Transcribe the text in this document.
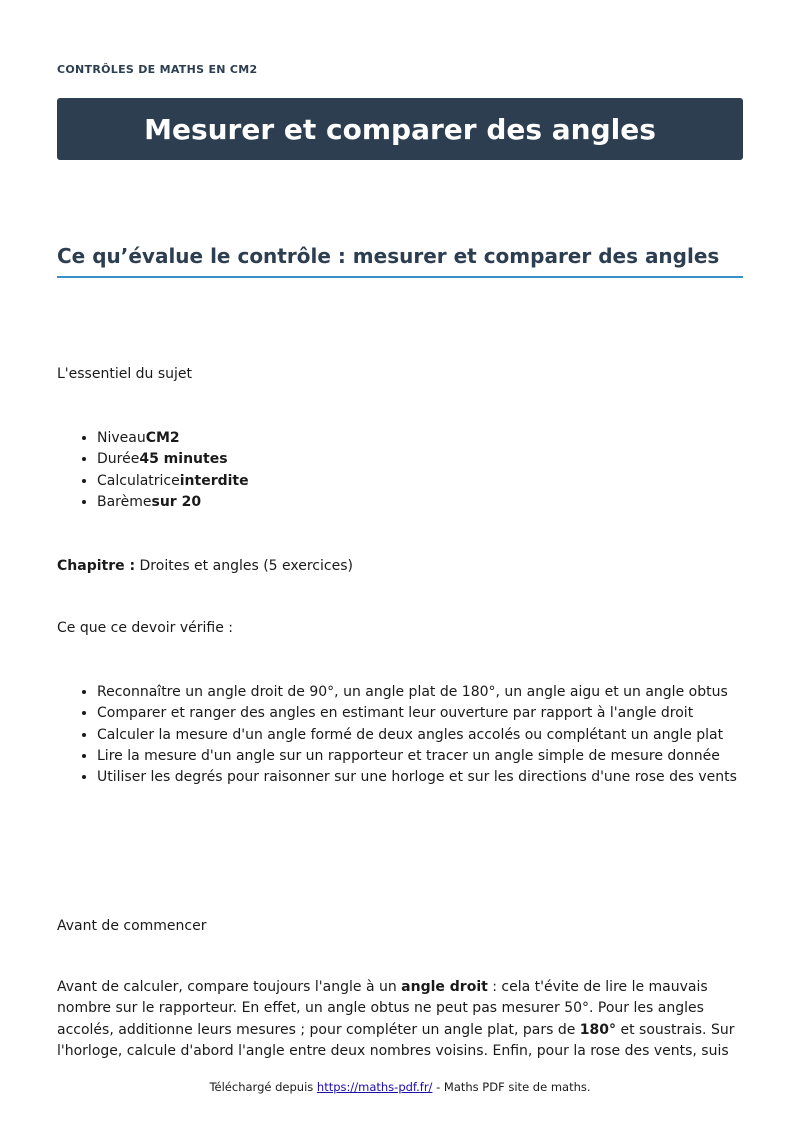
CONTRÔLES DE MATHS EN CM2
Mesurer et comparer des angles
Ce qu’évalue le contrôle : mesurer et comparer des angles

L'essentiel du sujet

• NiveauCM2
• Durée45 minutes
• Calculatriceinterdite
• Barèmesur 20

Chapitre : Droites et angles (5 exercices)

Ce que ce devoir vérifie :

• Reconnaître un angle droit de 90°, un angle plat de 180°, un angle aigu et un angle obtus
• Comparer et ranger des angles en estimant leur ouverture par rapport à l'angle droit
• Calculer la mesure d'un angle formé de deux angles accolés ou complétant un angle plat
• Lire la mesure d'un angle sur un rapporteur et tracer un angle simple de mesure donnée
• Utiliser les degrés pour raisonner sur une horloge et sur les directions d'une rose des vents

Avant de commencer

Avant de calculer, compare toujours l'angle à un angle droit : cela t'évite de lire le mauvais nombre sur le rapporteur. En effet, un angle obtus ne peut pas mesurer 50°. Pour les angles accolés, additionne leurs mesures ; pour compléter un angle plat, pars de 180° et soustrais. Sur l'horloge, calcule d'abord l'angle entre deux nombres voisins. Enfin, pour la rose des vents, suis

Téléchargé depuis https://maths-pdf.fr/ - Maths PDF site de maths.
